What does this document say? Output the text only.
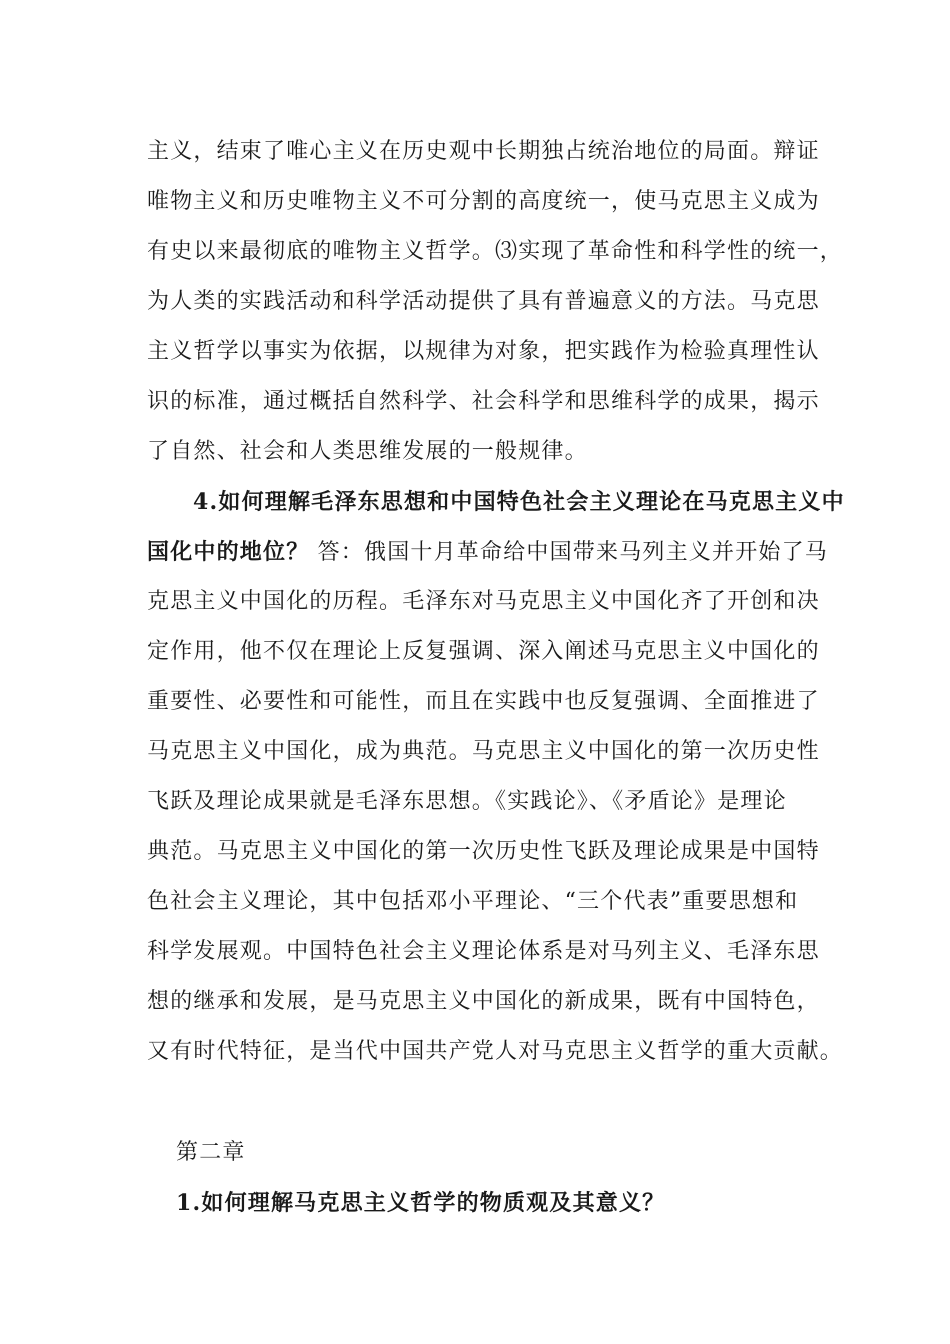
主义，结束了唯心主义在历史观中长期独占统治地位的局面。辩证
唯物主义和历史唯物主义不可分割的高度统一，使马克思主义成为
有史以来最彻底的唯物主义哲学。⑶实现了革命性和科学性的统一，
为人类的实践活动和科学活动提供了具有普遍意义的方法。马克思
主义哲学以事实为依据，以规律为对象，把实践作为检验真理性认
识的标准，通过概括自然科学、社会科学和思维科学的成果，揭示
了自然、社会和人类思维发展的一般规律。
4.如何理解毛泽东思想和中国特色社会主义理论在马克思主义中
国化中的地位？ 答：俄国十月革命给中国带来马列主义并开始了马
克思主义中国化的历程。毛泽东对马克思主义中国化齐了开创和决
定作用，他不仅在理论上反复强调、深入阐述马克思主义中国化的
重要性、必要性和可能性，而且在实践中也反复强调、全面推进了
马克思主义中国化，成为典范。马克思主义中国化的第一次历史性
飞跃及理论成果就是毛泽东思想。《实践论》、《矛盾论》是理论
典范。马克思主义中国化的第一次历史性飞跃及理论成果是中国特
色社会主义理论，其中包括邓小平理论、“三个代表”重要思想和
科学发展观。中国特色社会主义理论体系是对马列主义、毛泽东思
想的继承和发展，是马克思主义中国化的新成果，既有中国特色，
又有时代特征，是当代中国共产党人对马克思主义哲学的重大贡献。
第二章
1.如何理解马克思主义哲学的物质观及其意义？
